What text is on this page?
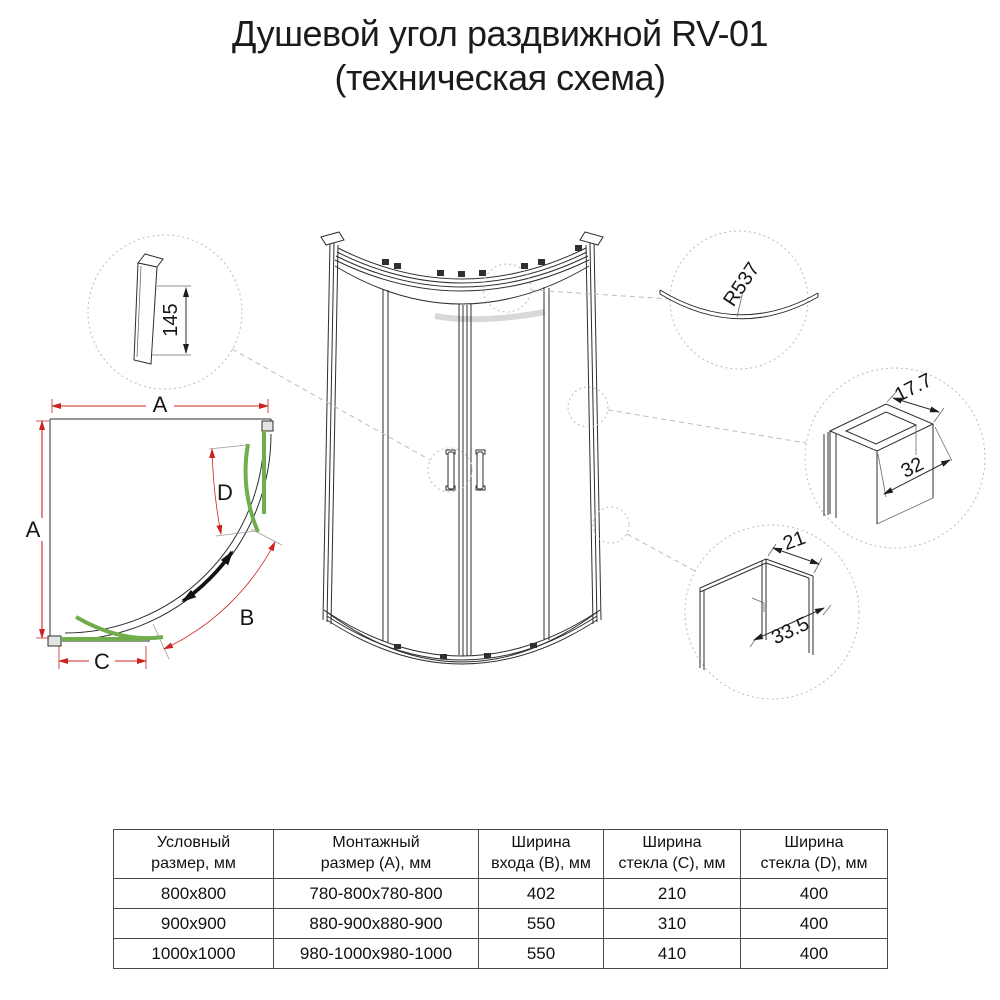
Душевой угол раздвижной RV-01
(техническая схема)
A
A
C
B
D
145
R537
17.7
32
21
33.5
Условный
размер, мм	Монтажный
размер (А), мм	Ширина
входа (В), мм	Ширина
стекла (С), мм	Ширина
стекла (D), мм
800x800	780-800x780-800	402	210	400
900x900	880-900x880-900	550	310	400
1000x1000	980-1000x980-1000	550	410	400
